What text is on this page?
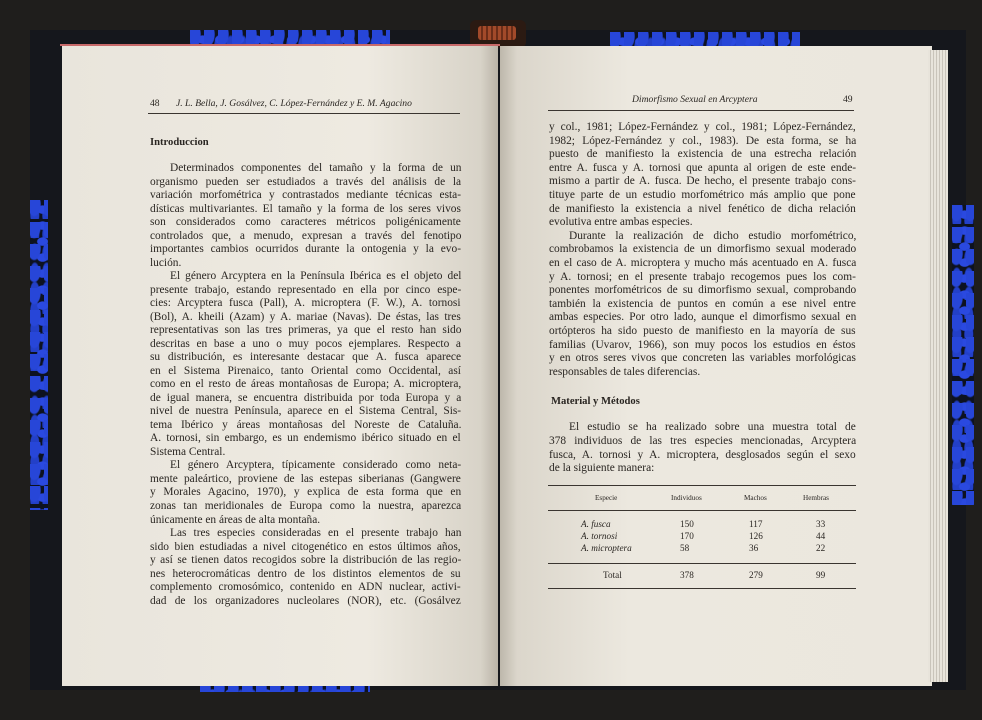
48 J. L. Bella, J. Gosálvez, C. López-Fernández y E. M. Agacino
Introduccion
Determinados componentes del tamaño y la forma de un
organismo pueden ser estudiados a través del análisis de la
variación morfométrica y contrastados mediante técnicas esta-
dísticas multivariantes. El tamaño y la forma de los seres vivos
son considerados como caracteres métricos poligénicamente
controlados que, a menudo, expresan a través del fenotipo
importantes cambios ocurridos durante la ontogenia y la evo-
lución.
El género Arcyptera en la Península Ibérica es el objeto del
presente trabajo, estando representado en ella por cinco espe-
cies: Arcyptera fusca (Pall), A. microptera (F. W.), A. tornosi
(Bol), A. kheili (Azam) y A. mariae (Navas). De éstas, las tres
representativas son las tres primeras, ya que el resto han sido
descritas en base a uno o muy pocos ejemplares. Respecto a
su distribución, es interesante destacar que A. fusca aparece
en el Sistema Pirenaico, tanto Oriental como Occidental, así
como en el resto de áreas montañosas de Europa; A. microptera,
de igual manera, se encuentra distribuida por toda Europa y a
nivel de nuestra Península, aparece en el Sistema Central, Sis-
tema Ibérico y áreas montañosas del Noreste de Cataluña.
A. tornosi, sin embargo, es un endemismo ibérico situado en el
Sistema Central.
El género Arcyptera, típicamente considerado como neta-
mente paleártico, proviene de las estepas siberianas (Gangwere
y Morales Agacino, 1970), y explica de esta forma que en
zonas tan meridionales de Europa como la nuestra, aparezca
únicamente en áreas de alta montaña.
Las tres especies consideradas en el presente trabajo han
sido bien estudiadas a nivel citogenético en estos últimos años,
y así se tienen datos recogidos sobre la distribución de las regio-
nes heterocromáticas dentro de los distintos elementos de su
complemento cromosómico, contenido en ADN nuclear, activi-
dad de los organizadores nucleolares (NOR), etc. (Gosálvez
Dimorfismo Sexual en Arcyptera	49
y col., 1981; López-Fernández y col., 1981; López-Fernández,
1982; López-Fernández y col., 1983). De esta forma, se ha
puesto de manifiesto la existencia de una estrecha relación
entre A. fusca y A. tornosi que apunta al origen de este ende-
mismo a partir de A. fusca. De hecho, el presente trabajo cons-
tituye parte de un estudio morfométrico más amplio que pone
de manifiesto la existencia a nivel fenético de dicha relación
evolutiva entre ambas especies.
Durante la realización de dicho estudio morfométrico,
combrobamos la existencia de un dimorfismo sexual moderado
en el caso de A. microptera y mucho más acentuado en A. fusca
y A. tornosi; en el presente trabajo recogemos pues los com-
ponentes morfométricos de su dimorfismo sexual, comprobando
también la existencia de puntos en común a ese nivel entre
ambas especies. Por otro lado, aunque el dimorfismo sexual en
ortópteros ha sido puesto de manifiesto en la mayoría de sus
familias (Uvarov, 1966), son muy pocos los estudios en éstos
y en otros seres vivos que concreten las variables morfológicas
responsables de tales diferencias.
Material y Métodos
El estudio se ha realizado sobre una muestra total de
378 individuos de las tres especies mencionadas, Arcyptera
fusca, A. tornosi y A. microptera, desglosados según el sexo
de la siguiente manera:
Especie	Individuos	Machos	Hembras
A. fusca	150	117	33
A. tornosi	170	126	44
A. microptera	58	36	22
Total	378	279	99
